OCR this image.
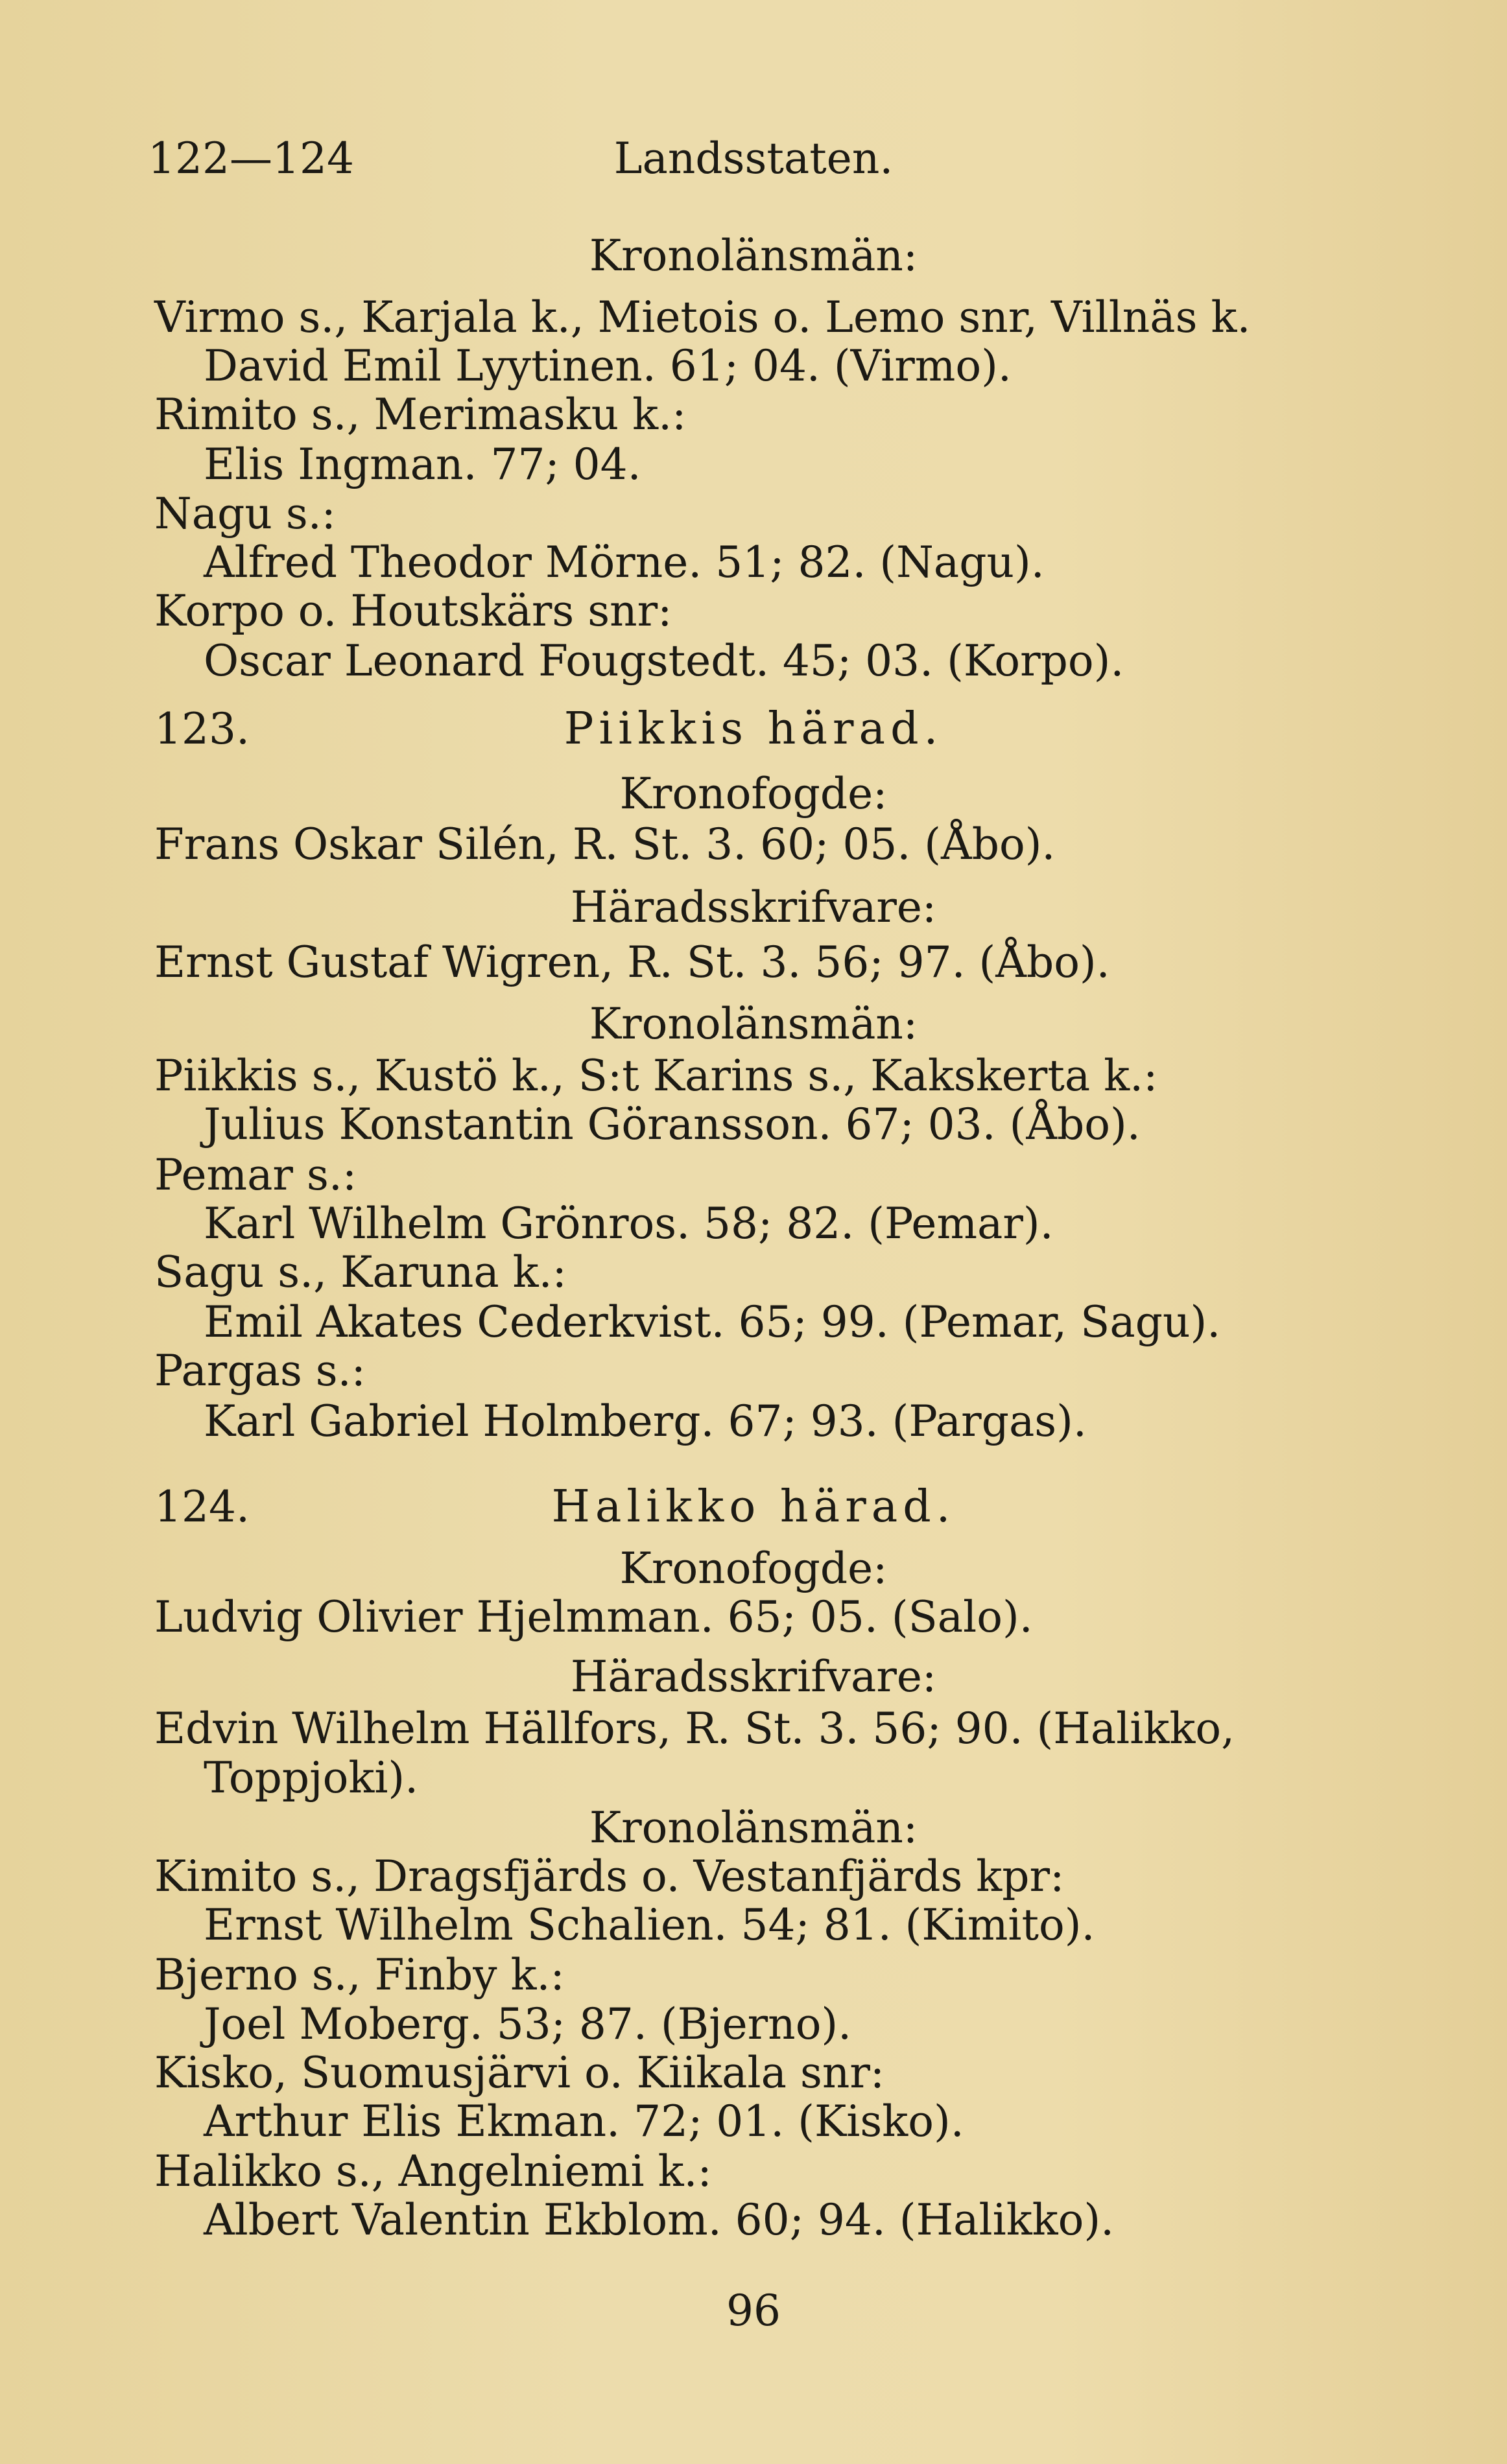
122—124	Landsstaten.
Kronolänsmän:
Virmo s., Karjala k., Mietois o. Lemo snr, Villnäs k.
David Emil Lyytinen. 61; 04. (Virmo).
Rimito s., Merimasku k.:
Elis Ingman. 77; 04.
Nagu s.:
Alfred Theodor Mörne. 51; 82. (Nagu).
Korpo o. Houtskärs snr:
Oscar Leonard Fougstedt. 45; 03. (Korpo).
123.	Piikkis härad.
Kronofogde:
Frans Oskar Silén, R. St. 3. 60; 05. (Åbo).
Häradsskrifvare:
Ernst Gustaf Wigren, R. St. 3. 56; 97. (Åbo).
Kronolänsmän:
Piikkis s., Kustö k., S:t Karins s., Kakskerta k.:
Julius Konstantin Göransson. 67; 03. (Åbo).
Pemar s.:
Karl Wilhelm Grönros. 58; 82. (Pemar).
Sagu s., Karuna k.:
Emil Akates Cederkvist. 65; 99. (Pemar, Sagu).
Pargas s.:
Karl Gabriel Holmberg. 67; 93. (Pargas).
124.	Halikko härad.
Kronofogde:
Ludvig Olivier Hjelmman. 65; 05. (Salo).
Häradsskrifvare:
Edvin Wilhelm Hällfors, R. St. 3. 56; 90. (Halikko,
Toppjoki).
Kronolänsmän:
Kimito s., Dragsfjärds o. Vestanfjärds kpr:
Ernst Wilhelm Schalien. 54; 81. (Kimito).
Bjerno s., Finby k.:
Joel Moberg. 53; 87. (Bjerno).
Kisko, Suomusjärvi o. Kiikala snr:
Arthur Elis Ekman. 72; 01. (Kisko).
Halikko s., Angelniemi k.:
Albert Valentin Ekblom. 60; 94. (Halikko).
96
